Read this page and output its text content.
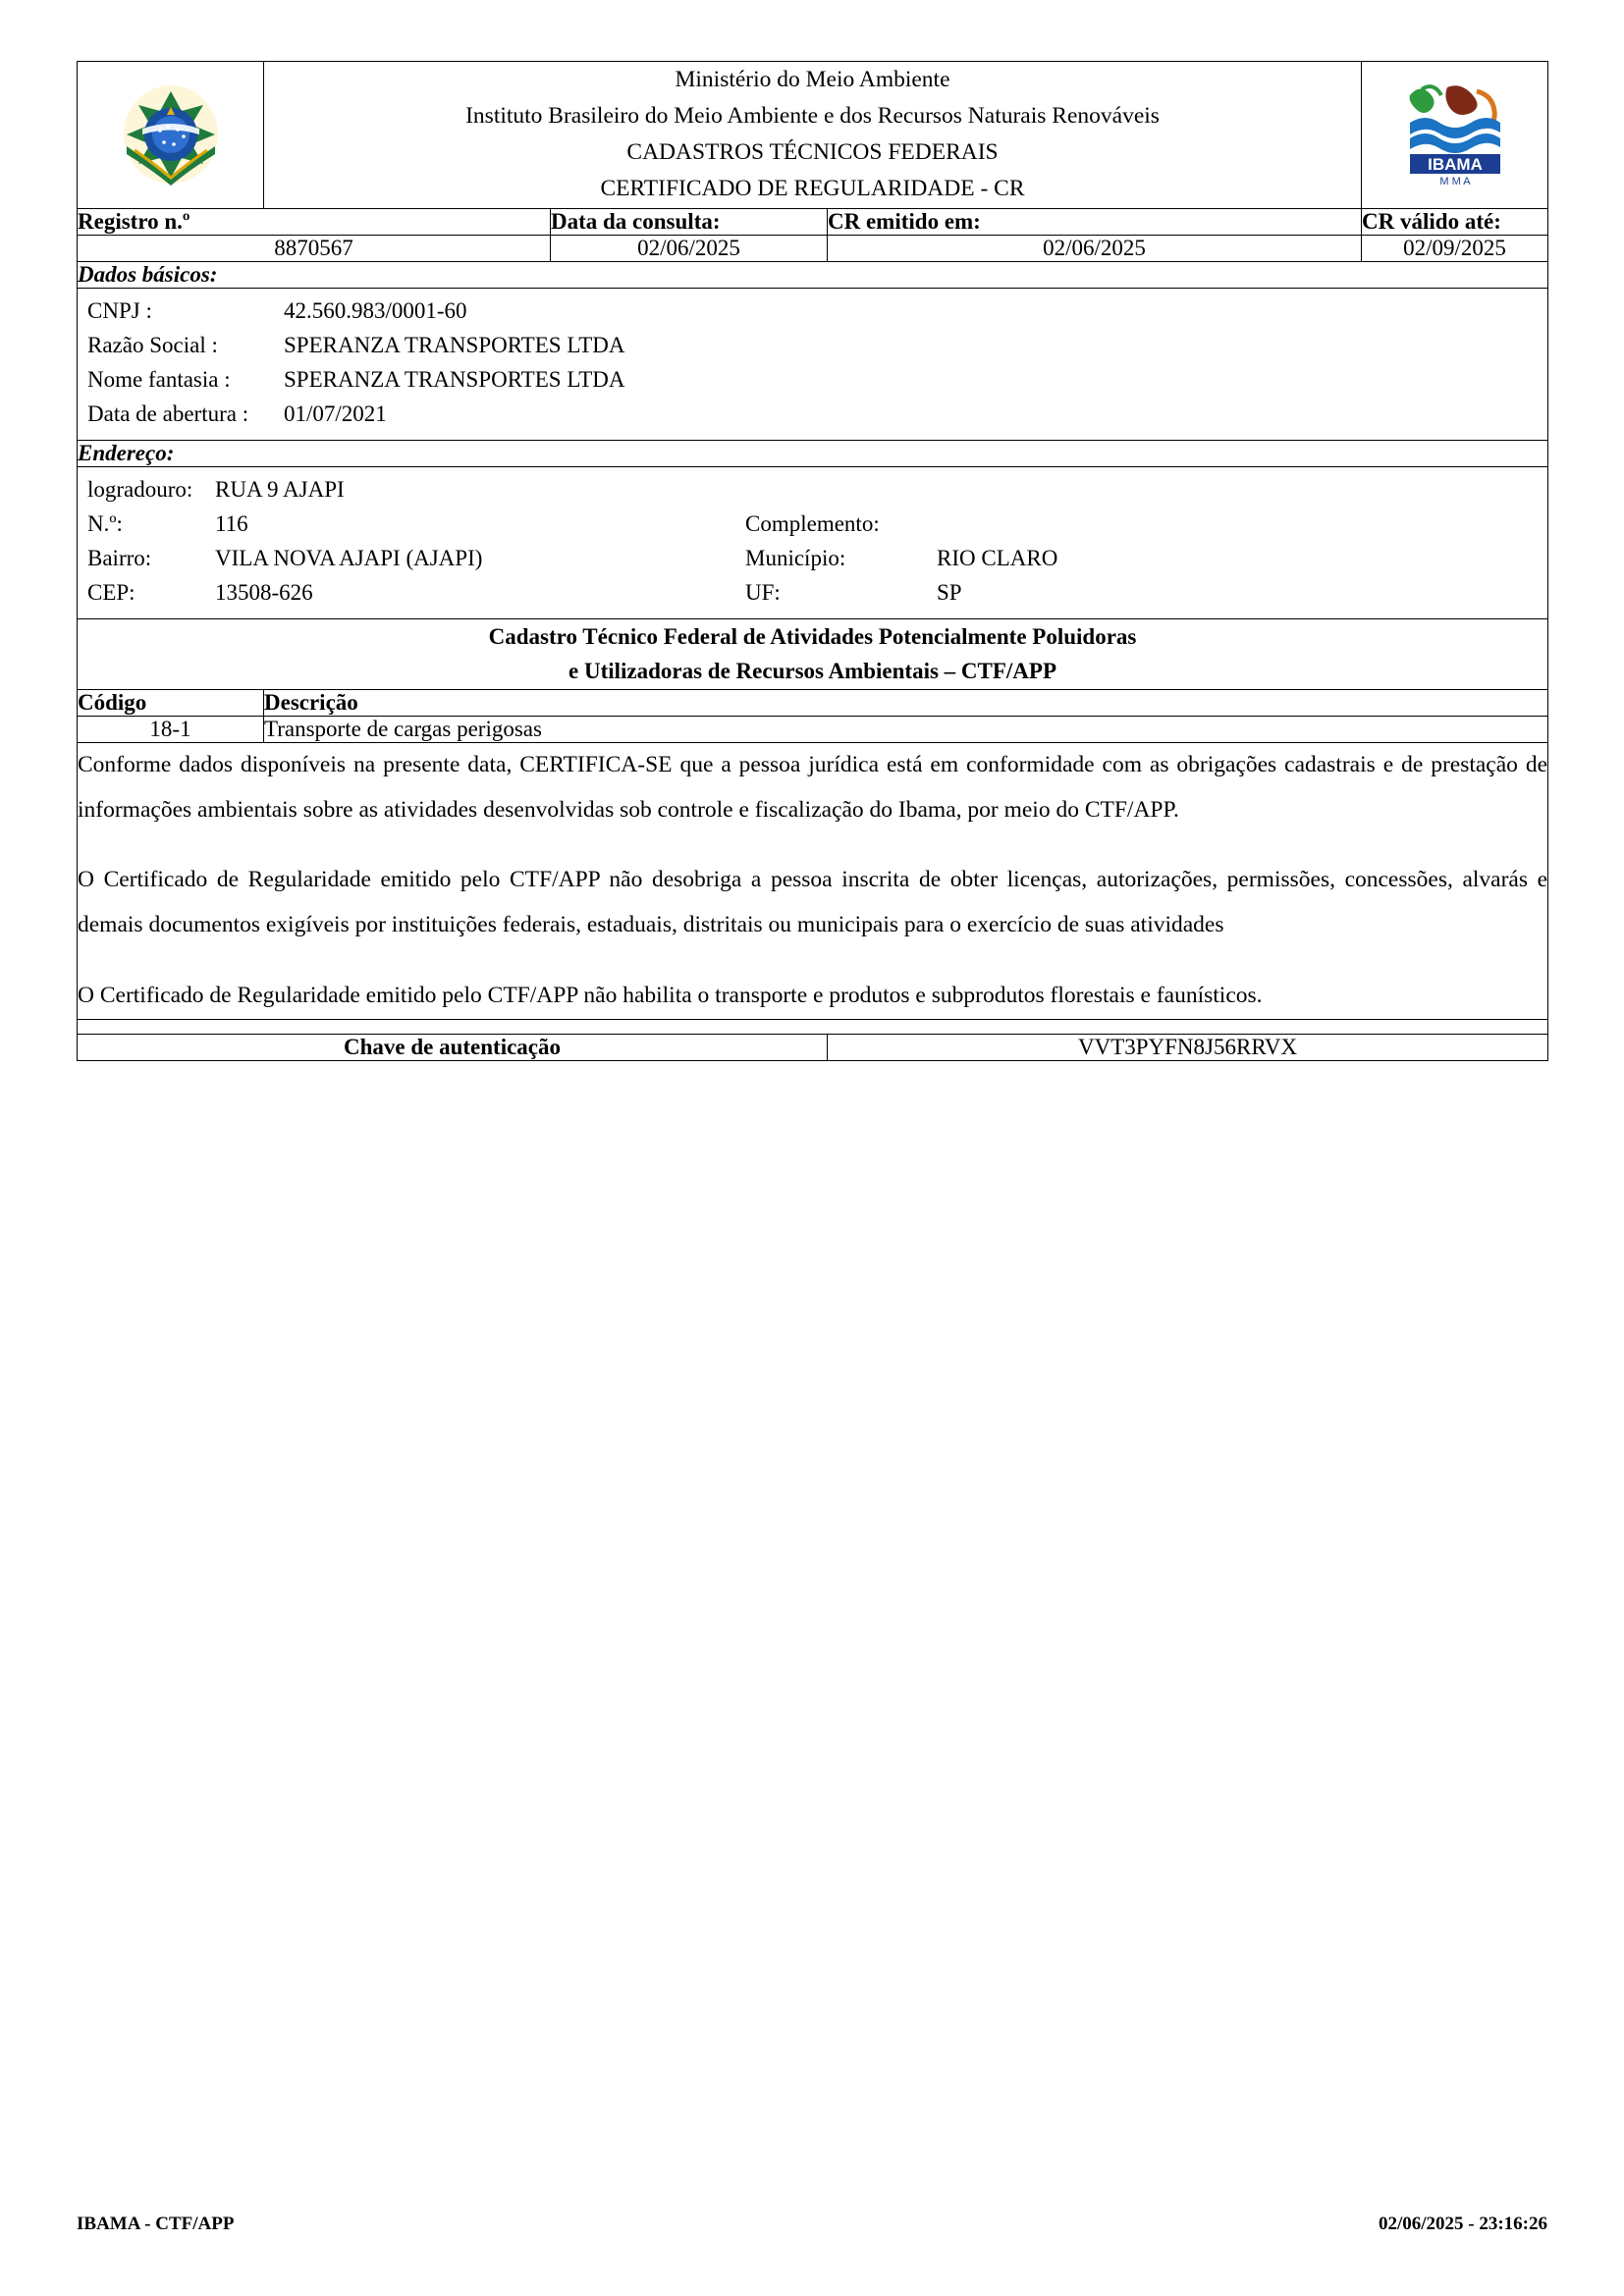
Ministério do Meio Ambiente
Instituto Brasileiro do Meio Ambiente e dos Recursos Naturais Renováveis
CADASTROS TÉCNICOS FEDERAIS
CERTIFICADO DE REGULARIDADE - CR

IBAMA
M M A

Registro n.º	Data da consulta:	CR emitido em:	CR válido até:
8870567	02/06/2025	02/06/2025	02/09/2025
Dados básicos:

CNPJ :	42.560.983/0001-60
Razão Social :	SPERANZA TRANSPORTES LTDA
Nome fantasia :	SPERANZA TRANSPORTES LTDA
Data de abertura :	01/07/2021

Endereço:

logradouro:	RUA 9 AJAPI		
N.º:	116	Complemento:	
Bairro:	VILA NOVA AJAPI (AJAPI)	Município:	RIO CLARO
CEP:	13508-626	UF:	SP

Cadastro Técnico Federal de Atividades Potencialmente Poluidoras
e Utilizadoras de Recursos Ambientais – CTF/APP

Código	Descrição
18-1	Transporte de cargas perigosas

Conforme dados disponíveis na presente data, CERTIFICA-SE que a pessoa jurídica está em conformidade com as obrigações cadastrais e de prestação de informações ambientais sobre as atividades desenvolvidas sob controle e fiscalização do Ibama, por meio do CTF/APP.

O Certificado de Regularidade emitido pelo CTF/APP não desobriga a pessoa inscrita de obter licenças, autorizações, permissões, concessões, alvarás e demais documentos exigíveis por instituições federais, estaduais, distritais ou municipais para o exercício de suas atividades

O Certificado de Regularidade emitido pelo CTF/APP não habilita o transporte e produtos e subprodutos florestais e faunísticos.

Chave de autenticação	VVT3PYFN8J56RRVX
IBAMA - CTF/APP	02/06/2025 - 23:16:26
